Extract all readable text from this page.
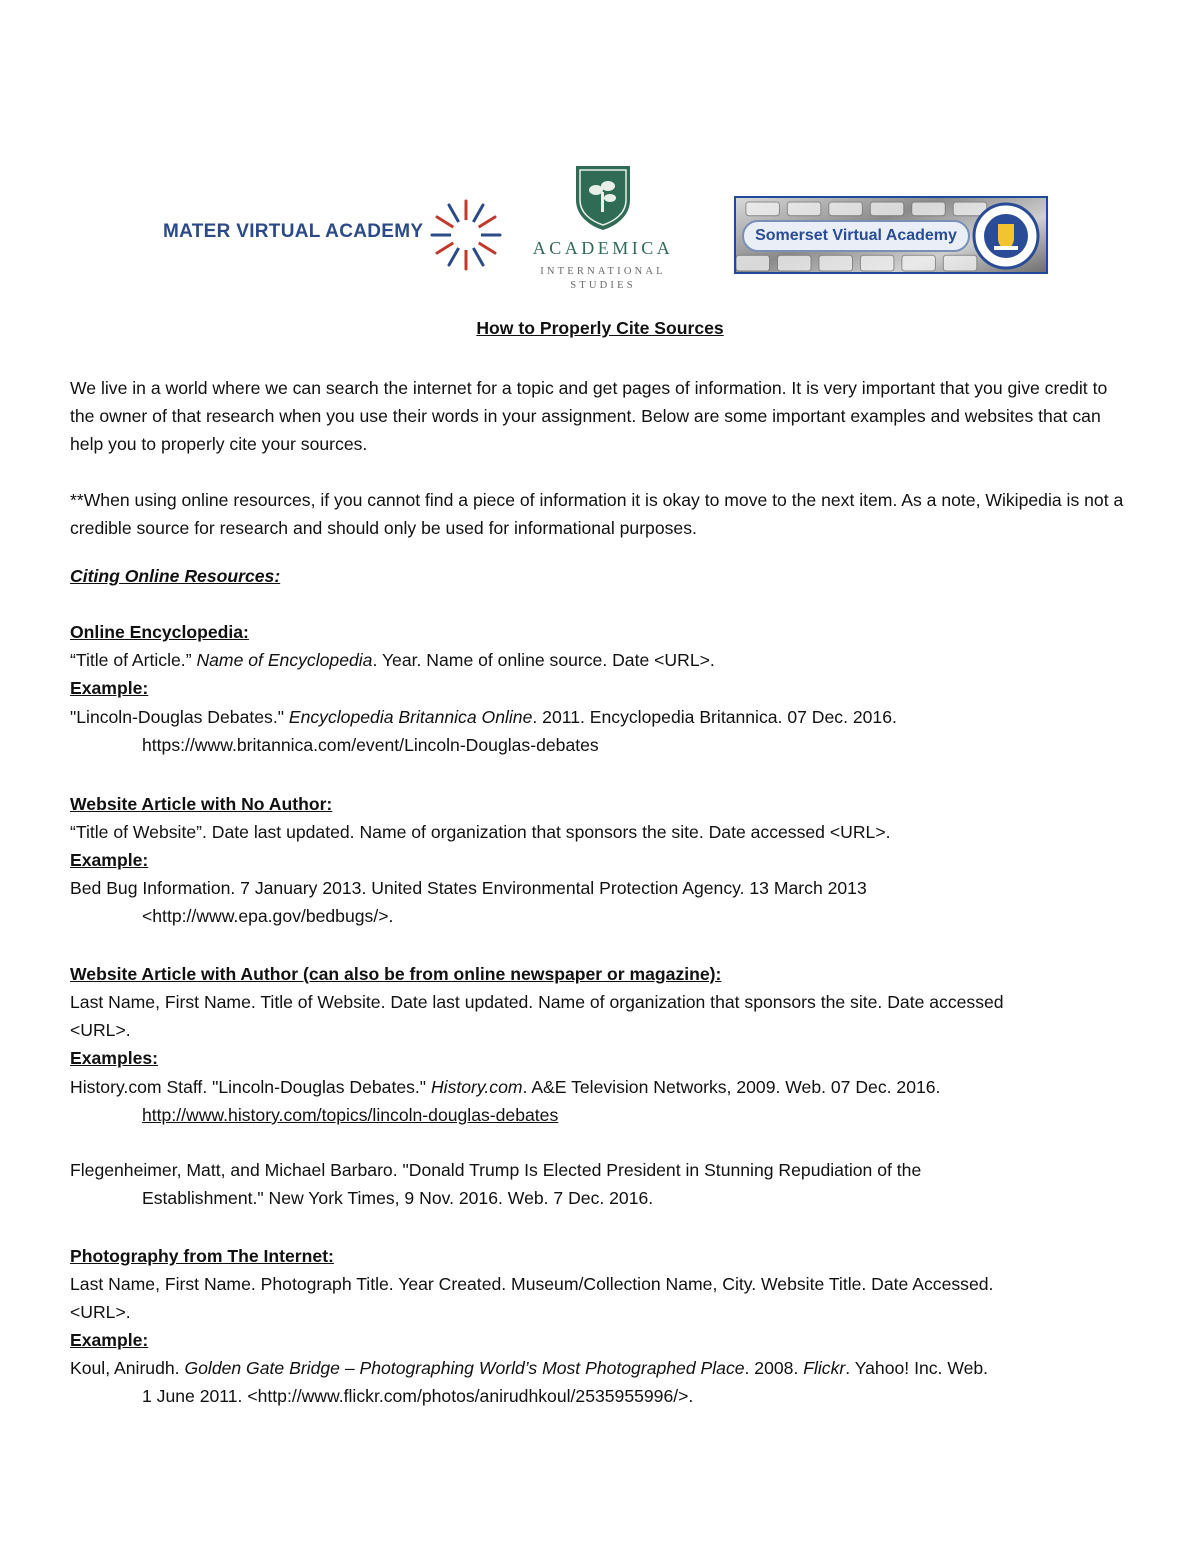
MATER VIRTUAL ACADEMY
ACADEMICA
INTERNATIONAL
STUDIES
Somerset Virtual Academy
How to Properly Cite Sources

We live in a world where we can search the internet for a topic and get pages of information. It is very important that you give credit to the owner of that research when you use their words in your assignment. Below are some important examples and websites that can help you to properly cite your sources.

**When using online resources, if you cannot find a piece of information it is okay to move to the next item. As a note, Wikipedia is not a credible source for research and should only be used for informational purposes.

Citing Online Resources:
Online Encyclopedia:
“Title of Article.” Name of Encyclopedia. Year. Name of online source. Date <URL>.
Example:
"Lincoln-Douglas Debates." Encyclopedia Britannica Online. 2011. Encyclopedia Britannica. 07 Dec. 2016.
https://www.britannica.com/event/Lincoln-Douglas-debates
Website Article with No Author:
“Title of Website”. Date last updated. Name of organization that sponsors the site. Date accessed <URL>.
Example:
Bed Bug Information. 7 January 2013. United States Environmental Protection Agency. 13 March 2013
<http://www.epa.gov/bedbugs/>.
Website Article with Author (can also be from online newspaper or magazine):
Last Name, First Name. Title of Website. Date last updated. Name of organization that sponsors the site. Date accessed
<URL>.
Examples:
History.com Staff. "Lincoln-Douglas Debates." History.com. A&E Television Networks, 2009. Web. 07 Dec. 2016.
http://www.history.com/topics/lincoln-douglas-debates
Flegenheimer, Matt, and Michael Barbaro. "Donald Trump Is Elected President in Stunning Repudiation of the
Establishment." New York Times, 9 Nov. 2016. Web. 7 Dec. 2016.
Photography from The Internet:
Last Name, First Name. Photograph Title. Year Created. Museum/Collection Name, City. Website Title. Date Accessed.
<URL>.
Example:
Koul, Anirudh. Golden Gate Bridge – Photographing World’s Most Photographed Place. 2008. Flickr. Yahoo! Inc. Web.
1 June 2011. <http://www.flickr.com/photos/anirudhkoul/2535955996/>.
